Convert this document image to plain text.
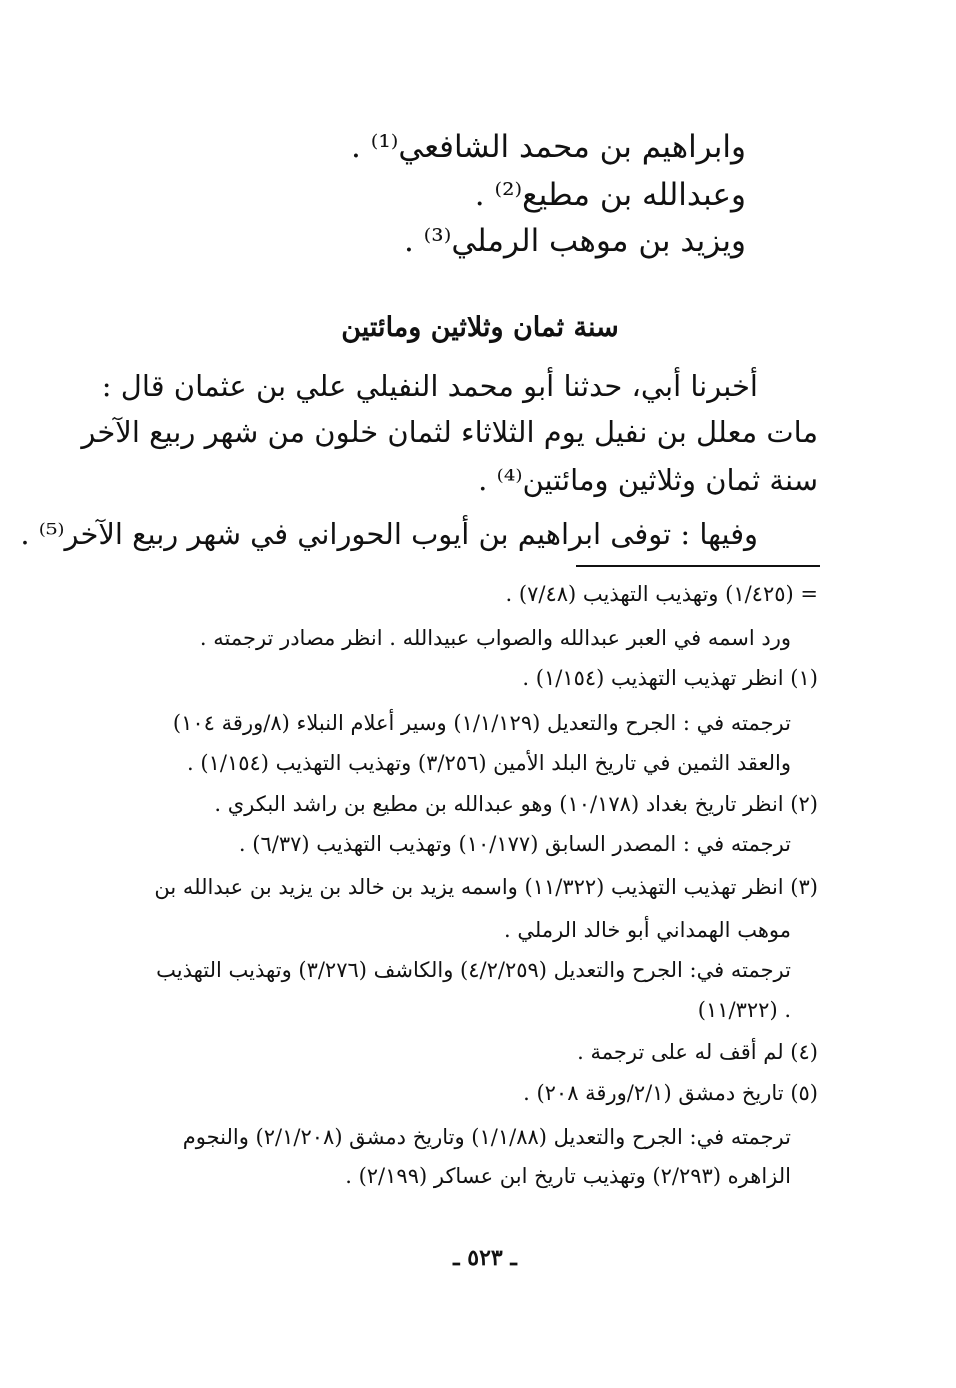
وابراهيم بن محمد الشافعي⁽¹⁾ .
وعبدالله بن مطيع⁽²⁾ .
ويزيد بن موهب الرملي⁽³⁾ .
سنة ثمان وثلاثين ومائتين
أخبرنا أبي، حدثنا أبو محمد النفيلي علي بن عثمان قال :
مات معلل بن نفيل يوم الثلاثاء لثمان خلون من شهر ربيع الآخر
سنة ثمان وثلاثين ومائتين⁽⁴⁾ .
وفيها : توفى ابراهيم بن أيوب الحوراني في شهر ربيع الآخر⁽⁵⁾ .
= (١/٤٢٥) وتهذيب التهذيب (٧/٤٨) .
ورد اسمه في العبر عبدالله والصواب عبيدالله . انظر مصادر ترجمته .
(١) انظر تهذيب التهذيب (١/١٥٤) .
ترجمته في : الجرح والتعديل (١/١/١٢٩) وسير أعلام النبلاء (٨/ورقة ١٠٤)
والعقد الثمين في تاريخ البلد الأمين (٣/٢٥٦) وتهذيب التهذيب (١/١٥٤) .
(٢) انظر تاريخ بغداد (١٠/١٧٨) وهو عبدالله بن مطيع بن راشد البكري .
ترجمته في : المصدر السابق (١٠/١٧٧) وتهذيب التهذيب (٦/٣٧) .
(٣) انظر تهذيب التهذيب (١١/٣٢٢) واسمه يزيد بن خالد بن يزيد بن عبدالله بن
موهب الهمداني أبو خالد الرملي .
ترجمته في: الجرح والتعديل (٤/٢/٢٥٩) والكاشف (٣/٢٧٦) وتهذيب التهذيب
(١١/٣٢٢) .
(٤) لم أقف له على ترجمة .
(٥) تاريخ دمشق (٢/١/ورقة ٢٠٨) .
ترجمته في: الجرح والتعديل (١/١/٨٨) وتاريخ دمشق (٢/١/٢٠٨) والنجوم
الزاهره (٢/٢٩٣) وتهذيب تاريخ ابن عساكر (٢/١٩٩) .
ـ ٥٢٣ ـ
